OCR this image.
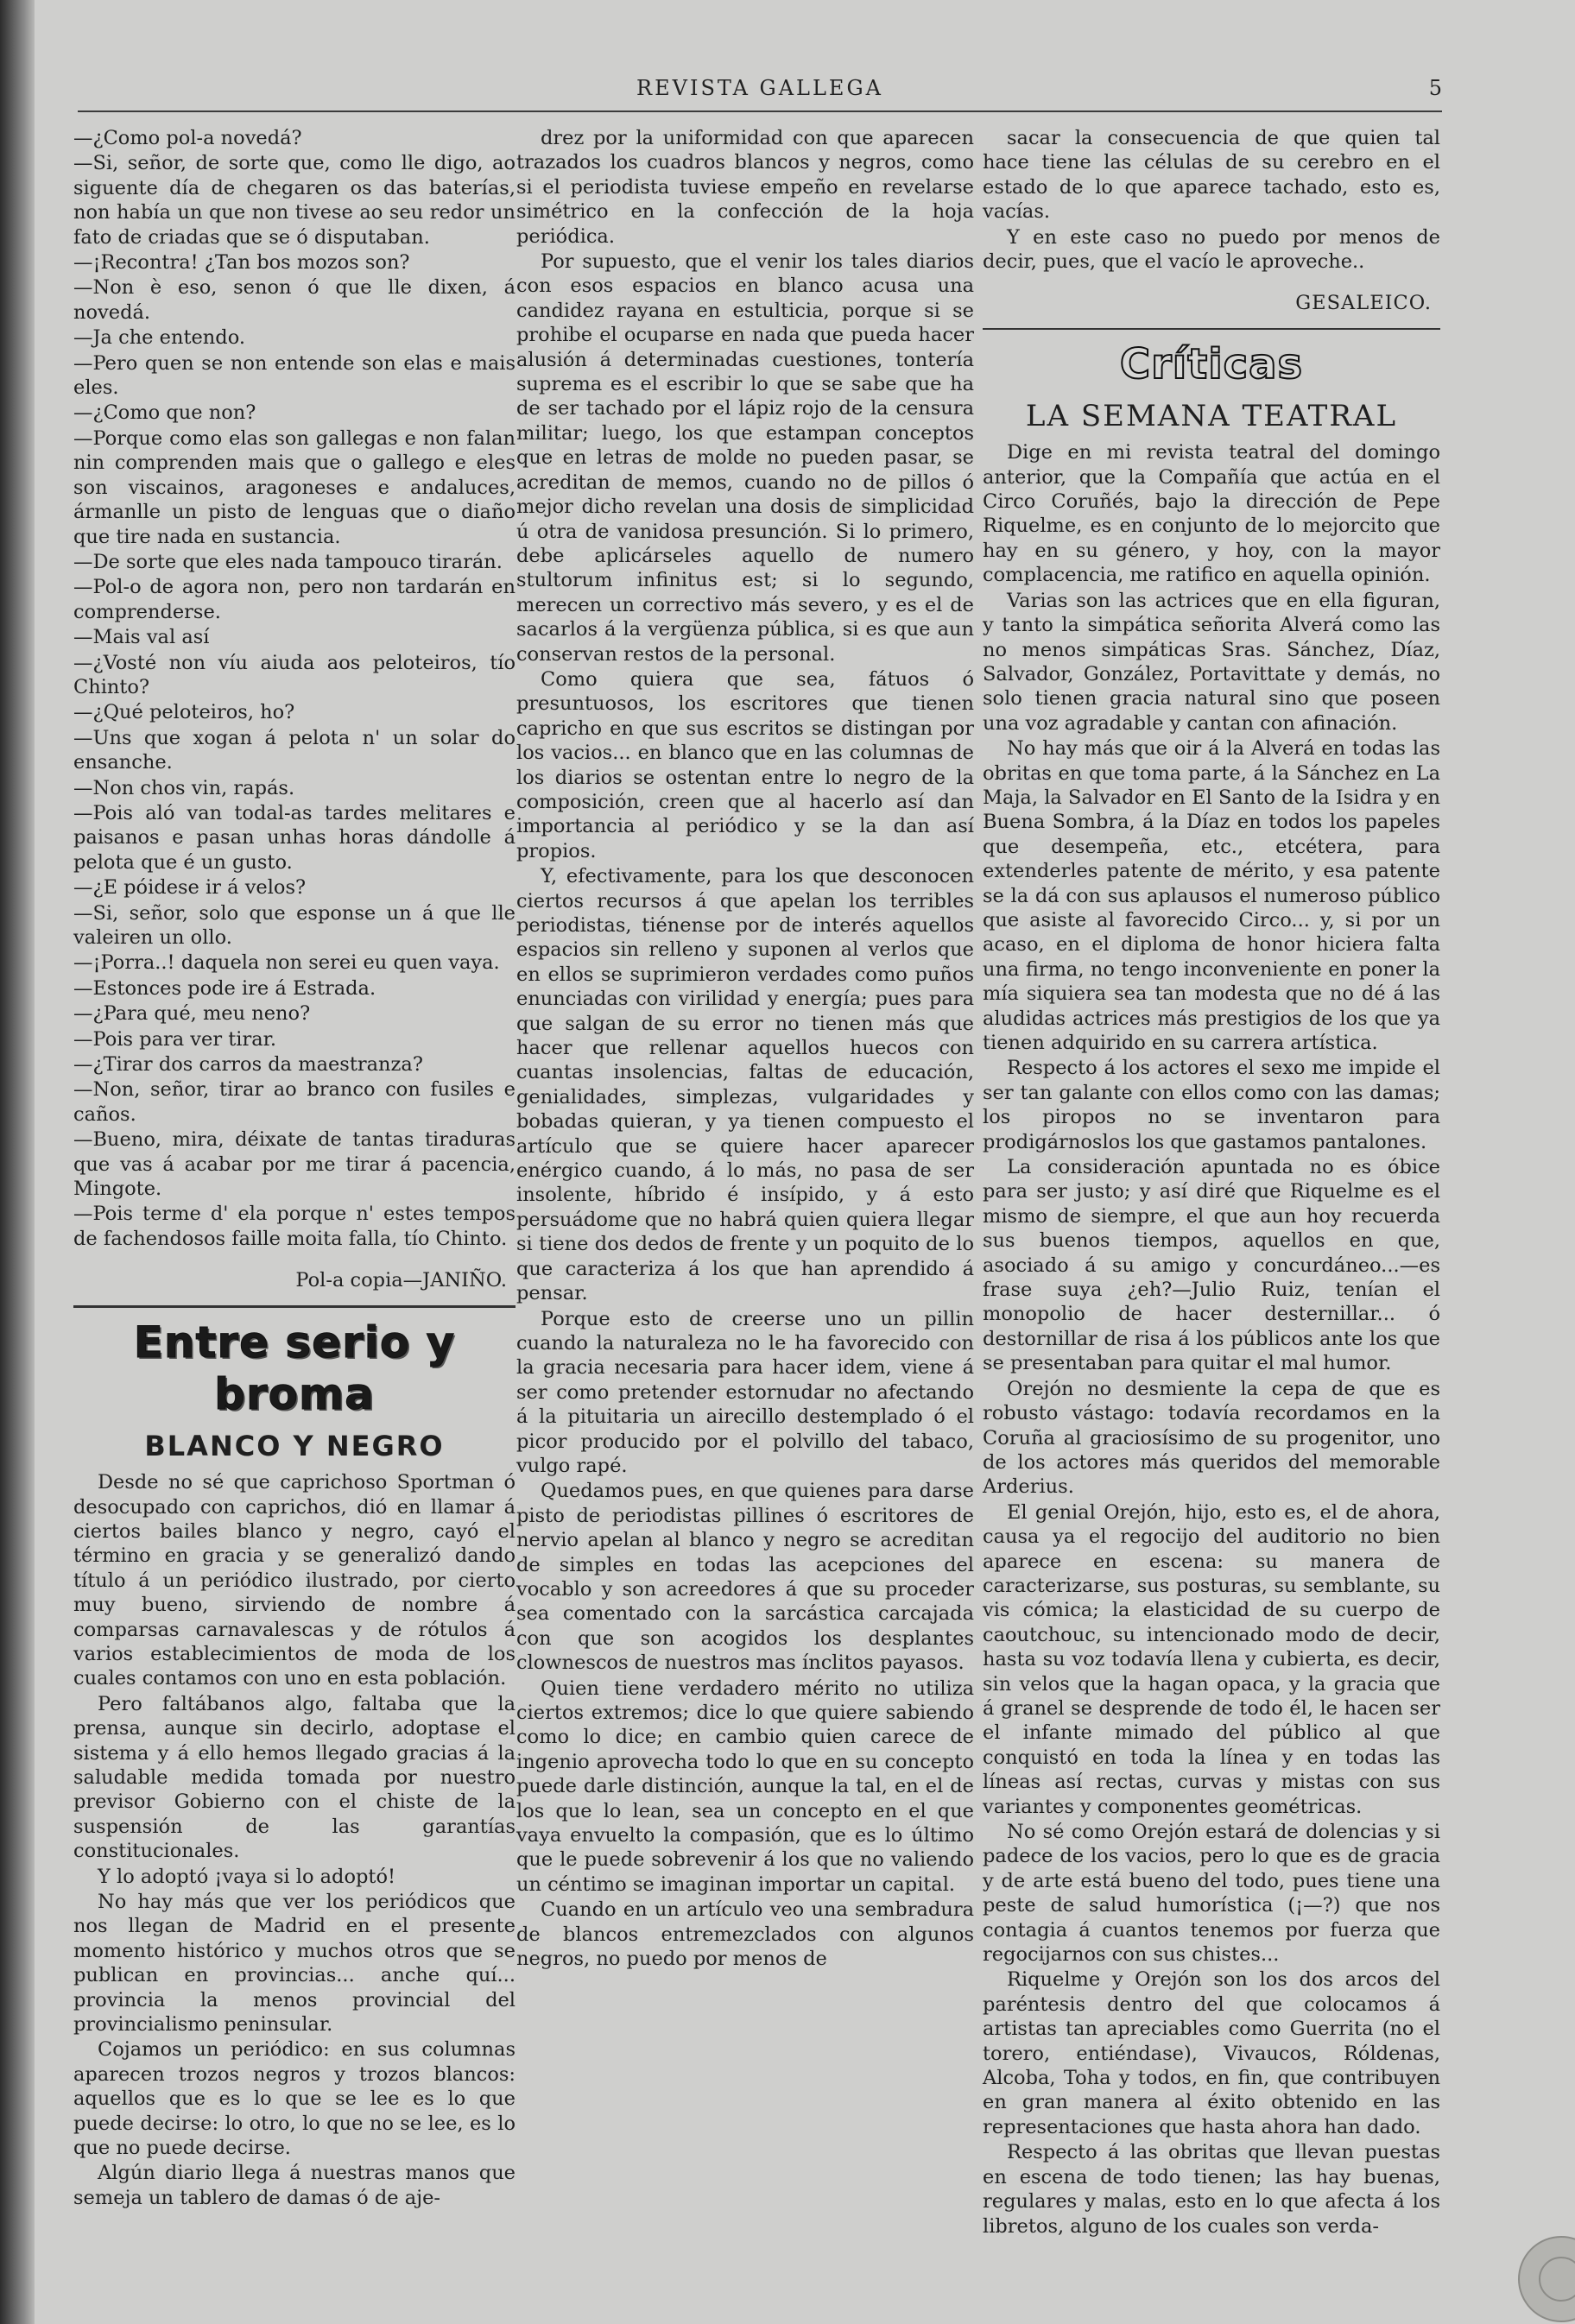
REVISTA GALLEGA	5

—¿Como pol-a novedá?

—Si, señor, de sorte que, como lle digo, ao siguente día de chegaren os das baterías, non había un que non tivese ao seu redor un fato de criadas que se ó disputaban.

—¡Recontra! ¿Tan bos mozos son?

—Non è eso, senon ó que lle dixen, á novedá.

—Ja che entendo.

—Pero quen se non entende son elas e mais eles.

—¿Como que non?

—Porque como elas son gallegas e non falan nin comprenden mais que o gallego e eles son viscainos, aragoneses e andaluces, ármanlle un pisto de lenguas que o diaño que tire nada en sustancia.

—De sorte que eles nada tampouco tirarán.

—Pol-o de agora non, pero non tardarán en comprenderse.

—Mais val así

—¿Vosté non víu aiuda aos peloteiros, tío Chinto?

—¿Qué peloteiros, ho?

—Uns que xogan á pelota n' un solar do ensanche.

—Non chos vin, rapás.

—Pois aló van todal-as tardes melitares e paisanos e pasan unhas horas dándolle á pelota que é un gusto.

—¿E póidese ir á velos?

—Si, señor, solo que esponse un á que lle valeiren un ollo.

—¡Porra..! daquela non serei eu quen vaya.

—Estonces pode ire á Estrada.

—¿Para qué, meu neno?

—Pois para ver tirar.

—¿Tirar dos carros da maestranza?

—Non, señor, tirar ao branco con fusiles e caños.

—Bueno, mira, déixate de tantas tiraduras que vas á acabar por me tirar á pacencia, Mingote.

—Pois terme d' ela porque n' estes tempos de fachendosos faille moita falla, tío Chinto.

Pol-a copia—JANIÑO.

Entre serio y broma
BLANCO Y NEGRO

Desde no sé que caprichoso Sportman ó desocupado con caprichos, dió en llamar á ciertos bailes blanco y negro, cayó el término en gracia y se generalizó dando título á un periódico ilustrado, por cierto muy bueno, sirviendo de nombre á comparsas carnavalescas y de rótulos á varios establecimientos de moda de los cuales contamos con uno en esta población.

Pero faltábanos algo, faltaba que la prensa, aunque sin decirlo, adoptase el sistema y á ello hemos llegado gracias á la saludable medida tomada por nuestro previsor Gobierno con el chiste de la suspensión de las garantías constitucionales.

Y lo adoptó ¡vaya si lo adoptó!

No hay más que ver los periódicos que nos llegan de Madrid en el presente momento histórico y muchos otros que se publican en provincias... anche quí... provincia la menos provincial del provincialismo peninsular.

Cojamos un periódico: en sus columnas aparecen trozos negros y trozos blancos: aquellos que es lo que se lee es lo que puede decirse: lo otro, lo que no se lee, es lo que no puede decirse.

Algún diario llega á nuestras manos que semeja un tablero de damas ó de aje-

drez por la uniformidad con que aparecen trazados los cuadros blancos y negros, como si el periodista tuviese empeño en revelarse simétrico en la confección de la hoja periódica.

Por supuesto, que el venir los tales diarios con esos espacios en blanco acusa una candidez rayana en estulticia, porque si se prohibe el ocuparse en nada que pueda hacer alusión á determinadas cuestiones, tontería suprema es el escribir lo que se sabe que ha de ser tachado por el lápiz rojo de la censura militar; luego, los que estampan conceptos que en letras de molde no pueden pasar, se acreditan de memos, cuando no de pillos ó mejor dicho revelan una dosis de simplicidad ú otra de vanidosa presunción. Si lo primero, debe aplicárseles aquello de numero stultorum infinitus est; si lo segundo, merecen un correctivo más severo, y es el de sacarlos á la vergüenza pública, si es que aun conservan restos de la personal.

Como quiera que sea, fátuos ó presuntuosos, los escritores que tienen capricho en que sus escritos se distingan por los vacios... en blanco que en las columnas de los diarios se ostentan entre lo negro de la composición, creen que al hacerlo así dan importancia al periódico y se la dan así propios.

Y, efectivamente, para los que desconocen ciertos recursos á que apelan los terribles periodistas, tiénense por de interés aquellos espacios sin relleno y suponen al verlos que en ellos se suprimieron verdades como puños enunciadas con virilidad y energía; pues para que salgan de su error no tienen más que hacer que rellenar aquellos huecos con cuantas insolencias, faltas de educación, genialidades, simplezas, vulgaridades y bobadas quieran, y ya tienen compuesto el artículo que se quiere hacer aparecer enérgico cuando, á lo más, no pasa de ser insolente, híbrido é insípido, y á esto persuádome que no habrá quien quiera llegar si tiene dos dedos de frente y un poquito de lo que caracteriza á los que han aprendido á pensar.

Porque esto de creerse uno un pillin cuando la naturaleza no le ha favorecido con la gracia necesaria para hacer idem, viene á ser como pretender estornudar no afectando á la pituitaria un airecillo destemplado ó el picor producido por el polvillo del tabaco, vulgo rapé.

Quedamos pues, en que quienes para darse pisto de periodistas pillines ó escritores de nervio apelan al blanco y negro se acreditan de simples en todas las acepciones del vocablo y son acreedores á que su proceder sea comentado con la sarcástica carcajada con que son acogidos los desplantes clownescos de nuestros mas ínclitos payasos.

Quien tiene verdadero mérito no utiliza ciertos extremos; dice lo que quiere sabiendo como lo dice; en cambio quien carece de ingenio aprovecha todo lo que en su concepto puede darle distinción, aunque la tal, en el de los que lo lean, sea un concepto en el que vaya envuelto la compasión, que es lo último que le puede sobrevenir á los que no valiendo un céntimo se imaginan importar un capital.

Cuando en un artículo veo una sembradura de blancos entremezclados con algunos negros, no puedo por menos de

sacar la consecuencia de que quien tal hace tiene las células de su cerebro en el estado de lo que aparece tachado, esto es, vacías.

Y en este caso no puedo por menos de decir, pues, que el vacío le aproveche..

GESALEICO.

Críticas
LA SEMANA TEATRAL

Dige en mi revista teatral del domingo anterior, que la Compañía que actúa en el Circo Coruñés, bajo la dirección de Pepe Riquelme, es en conjunto de lo mejorcito que hay en su género, y hoy, con la mayor complacencia, me ratifico en aquella opinión.

Varias son las actrices que en ella figuran, y tanto la simpática señorita Alverá como las no menos simpáticas Sras. Sánchez, Díaz, Salvador, González, Portavittate y demás, no solo tienen gracia natural sino que poseen una voz agradable y cantan con afinación.

No hay más que oir á la Alverá en todas las obritas en que toma parte, á la Sánchez en La Maja, la Salvador en El Santo de la Isidra y en Buena Sombra, á la Díaz en todos los papeles que desempeña, etc., etcétera, para extenderles patente de mérito, y esa patente se la dá con sus aplausos el numeroso público que asiste al favorecido Circo... y, si por un acaso, en el diploma de honor hiciera falta una firma, no tengo inconveniente en poner la mía siquiera sea tan modesta que no dé á las aludidas actrices más prestigios de los que ya tienen adquirido en su carrera artística.

Respecto á los actores el sexo me impide el ser tan galante con ellos como con las damas; los piropos no se inventaron para prodigárnoslos los que gastamos pantalones.

La consideración apuntada no es óbice para ser justo; y así diré que Riquelme es el mismo de siempre, el que aun hoy recuerda sus buenos tiempos, aquellos en que, asociado á su amigo y concurdáneo...—es frase suya ¿eh?—Julio Ruiz, tenían el monopolio de hacer desternillar... ó destornillar de risa á los públicos ante los que se presentaban para quitar el mal humor.

Orejón no desmiente la cepa de que es robusto vástago: todavía recordamos en la Coruña al graciosísimo de su progenitor, uno de los actores más queridos del memorable Arderius.

El genial Orejón, hijo, esto es, el de ahora, causa ya el regocijo del auditorio no bien aparece en escena: su manera de caracterizarse, sus posturas, su semblante, su vis cómica; la elasticidad de su cuerpo de caoutchouc, su intencionado modo de decir, hasta su voz todavía llena y cubierta, es decir, sin velos que la hagan opaca, y la gracia que á granel se desprende de todo él, le hacen ser el infante mimado del público al que conquistó en toda la línea y en todas las líneas así rectas, curvas y mistas con sus variantes y componentes geométricas.

No sé como Orejón estará de dolencias y si padece de los vacios, pero lo que es de gracia y de arte está bueno del todo, pues tiene una peste de salud humorística (¡—?) que nos contagia á cuantos tenemos por fuerza que regocijarnos con sus chistes...

Riquelme y Orejón son los dos arcos del paréntesis dentro del que colocamos á artistas tan apreciables como Guerrita (no el torero, entiéndase), Vivaucos, Róldenas, Alcoba, Toha y todos, en fin, que contribuyen en gran manera al éxito obtenido en las representaciones que hasta ahora han dado.

Respecto á las obritas que llevan puestas en escena de todo tienen; las hay buenas, regulares y malas, esto en lo que afecta á los libretos, alguno de los cuales son verda-
